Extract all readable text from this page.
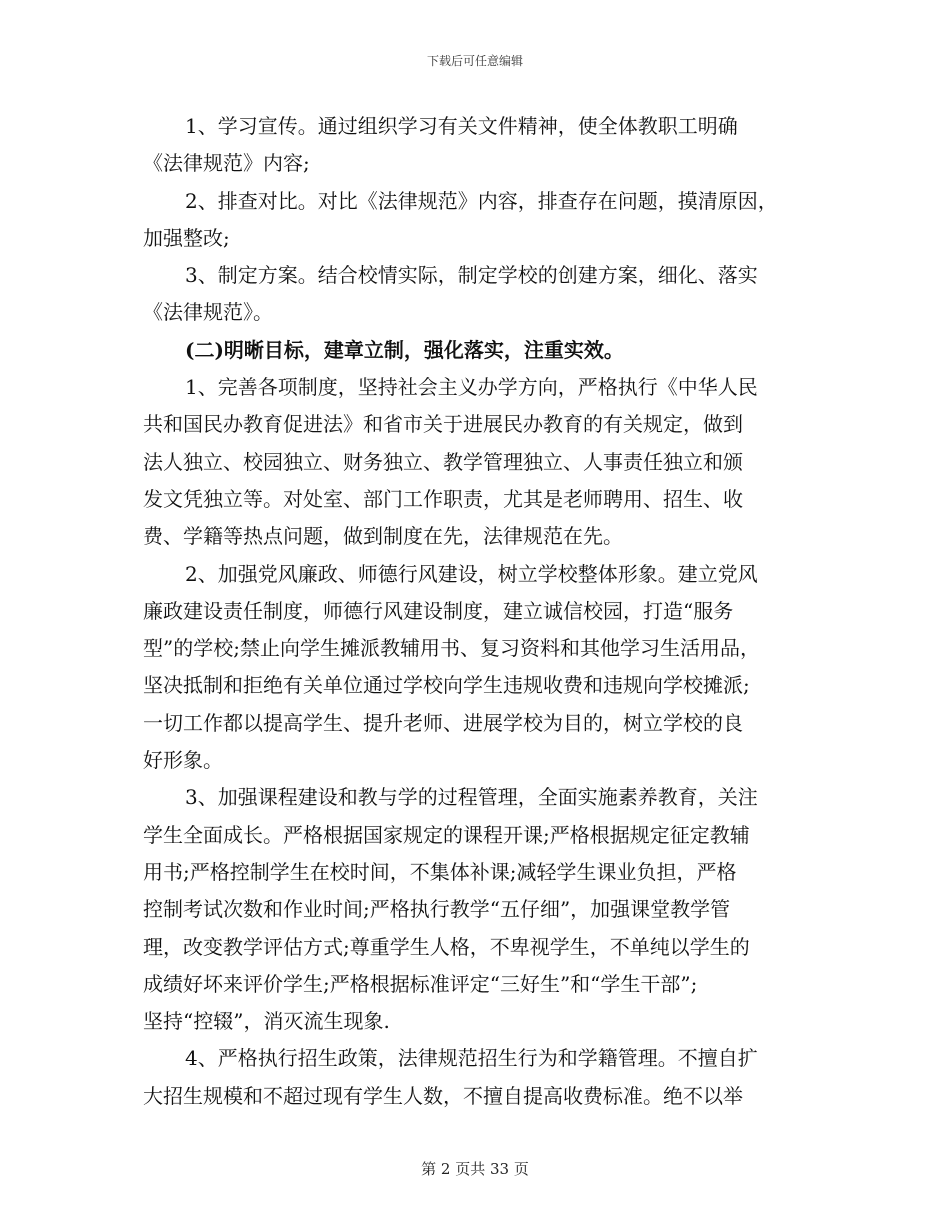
下载后可任意编辑
1、学习宣传。通过组织学习有关文件精神，使全体教职工明确
《法律规范》内容;
2、排查对比。对比《法律规范》内容，排查存在问题，摸清原因，
加强整改;
3、制定方案。结合校情实际，制定学校的创建方案，细化、落实
《法律规范》。
(二)明晰目标，建章立制，强化落实，注重实效。
1、完善各项制度，坚持社会主义办学方向，严格执行《中华人民
共和国民办教育促进法》和省市关于进展民办教育的有关规定，做到
法人独立、校园独立、财务独立、教学管理独立、人事责任独立和颁
发文凭独立等。对处室、部门工作职责，尤其是老师聘用、招生、收
费、学籍等热点问题，做到制度在先，法律规范在先。
2、加强党风廉政、师德行风建设，树立学校整体形象。建立党风
廉政建设责任制度，师德行风建设制度，建立诚信校园，打造“服务
型”的学校;禁止向学生摊派教辅用书、复习资料和其他学习生活用品，
坚决抵制和拒绝有关单位通过学校向学生违规收费和违规向学校摊派;
一切工作都以提高学生、提升老师、进展学校为目的，树立学校的良
好形象。
3、加强课程建设和教与学的过程管理，全面实施素养教育，关注
学生全面成长。严格根据国家规定的课程开课;严格根据规定征定教辅
用书;严格控制学生在校时间，不集体补课;减轻学生课业负担，严格
控制考试次数和作业时间;严格执行教学“五仔细”，加强课堂教学管
理，改变教学评估方式;尊重学生人格，不卑视学生，不单纯以学生的
成绩好坏来评价学生;严格根据标准评定“三好生”和“学生干部”;
坚持“控辍”，消灭流生现象.
4、严格执行招生政策，法律规范招生行为和学籍管理。不擅自扩
大招生规模和不超过现有学生人数，不擅自提高收费标准。绝不以举
第 2 页共 33 页
